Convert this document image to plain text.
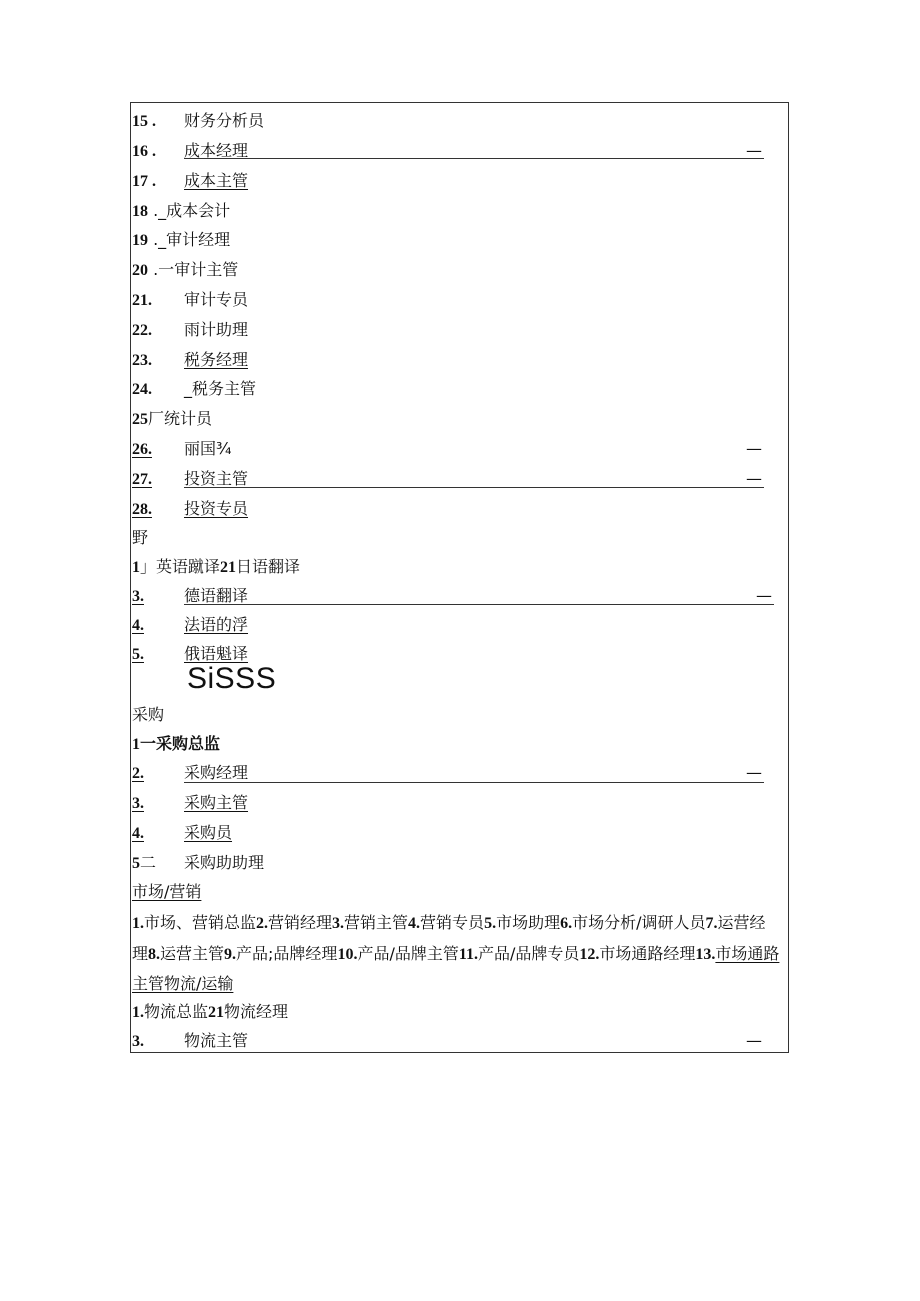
15 . 财务分析员
16 . 成本经理	—
17 . 成本主管
18 ._成本会计
19 ._审计经理
20 .一审计主管
21. 审计专员
22. 雨计助理
23. 税务经理
24. _税务主管
25厂统计员
26. 丽国¾	—
27. 投资主管	—
28. 投资专员
野
1」英语蹴译21日语翻译
3.	德语翻译	—
4.	法语的浮
5.	俄语魁译
SiSSS
采购
1一采购总监
2.	采购经理	—
3.	采购主管
4.	采购员
5二 采购助助理
市场/营销
1.市场、营销总监2.营销经理3.营销主管4.营销专员5.市场助理6.市场分析/调研人员7.运营经理8.运营主管9.产品;品牌经理10.产品/品牌主管11.产品/品牌专员12.市场通路经理13.市场通路主管物流/运输
1.物流总监21物流经理
3.	物流主管	—
